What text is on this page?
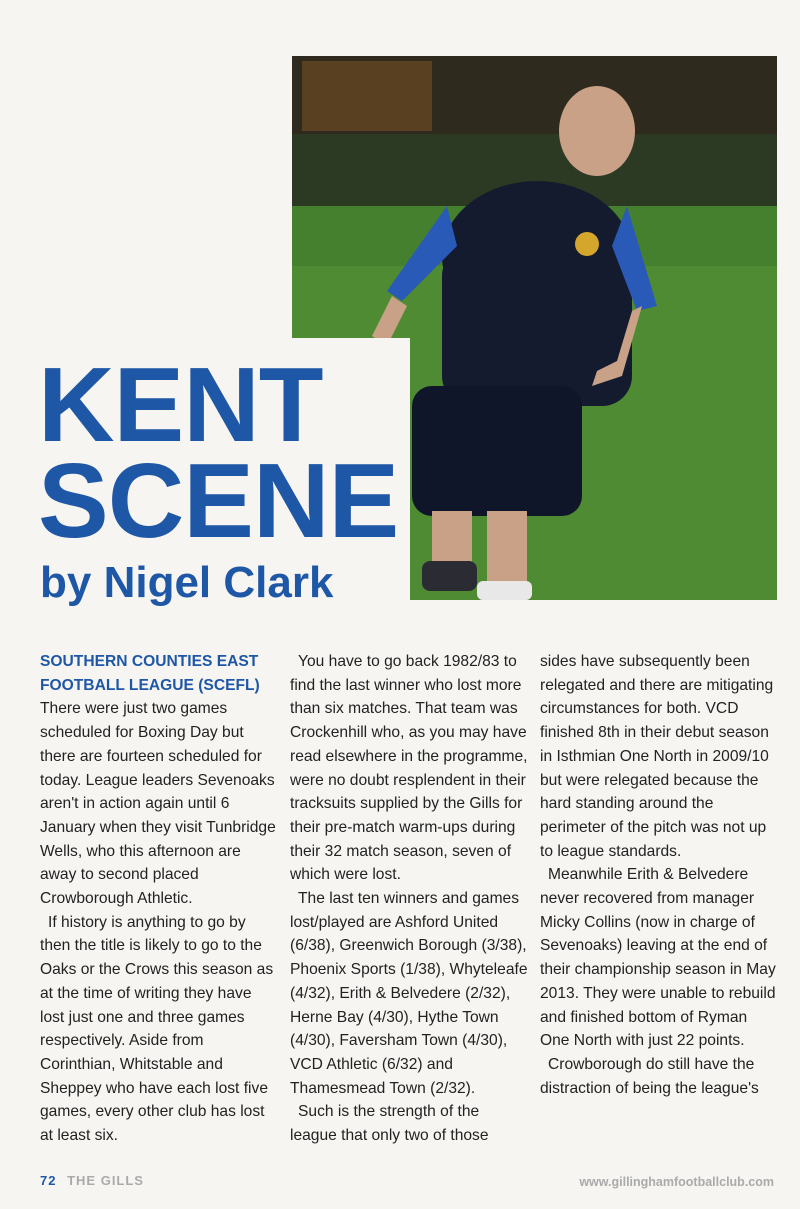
KENT
SCENE
by Nigel Clark

SOUTHERN COUNTIES EAST FOOTBALL LEAGUE (SCEFL)

There were just two games scheduled for Boxing Day but there are fourteen scheduled for today. League leaders Sevenoaks aren't in action again until 6 January when they visit Tunbridge Wells, who this afternoon are away to second placed Crowborough Athletic.

If history is anything to go by then the title is likely to go to the Oaks or the Crows this season as at the time of writing they have lost just one and three games respectively. Aside from Corinthian, Whitstable and Sheppey who have each lost five games, every other club has lost at least six.

You have to go back 1982/83 to find the last winner who lost more than six matches. That team was Crockenhill who, as you may have read elsewhere in the programme, were no doubt resplendent in their tracksuits supplied by the Gills for their pre-match warm-ups during their 32 match season, seven of which were lost.

The last ten winners and games lost/played are Ashford United (6/38), Greenwich Borough (3/38), Phoenix Sports (1/38), Whyteleafe (4/32), Erith & Belvedere (2/32), Herne Bay (4/30), Hythe Town (4/30), Faversham Town (4/30), VCD Athletic (6/32) and Thamesmead Town (2/32).

Such is the strength of the league that only two of those

sides have subsequently been relegated and there are mitigating circumstances for both. VCD finished 8th in their debut season in Isthmian One North in 2009/10 but were relegated because the hard standing around the perimeter of the pitch was not up to league standards.

Meanwhile Erith & Belvedere never recovered from manager Micky Collins (now in charge of Sevenoaks) leaving at the end of their championship season in May 2013. They were unable to rebuild and finished bottom of Ryman One North with just 22 points.

Crowborough do still have the distraction of being the league's

72 THE GILLS	www.gillinghamfootballclub.com
